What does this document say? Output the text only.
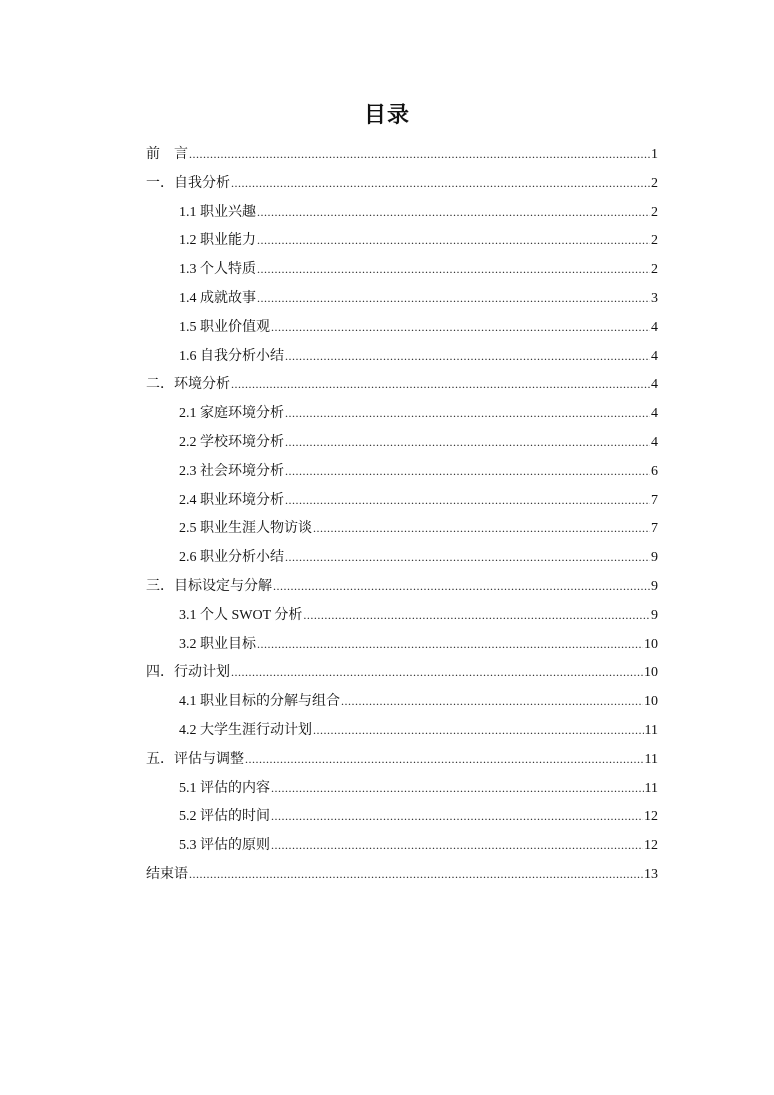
目录
前　言 .....	1
一．自我分析 .....	2
1.1 职业兴趣 .....	2
1.2 职业能力 .....	2
1.3 个人特质 .....	2
1.4 成就故事 .....	3
1.5 职业价值观 .....	4
1.6 自我分析小结 .....	4
二．环境分析 .....	4
2.1 家庭环境分析 .....	4
2.2 学校环境分析 .....	4
2.3 社会环境分析 .....	6
2.4 职业环境分析 .....	7
2.5 职业生涯人物访谈 .....	7
2.6 职业分析小结 .....	9
三．目标设定与分解 .....	9
3.1 个人 SWOT 分析 .....	9
3.2 职业目标 .....	10
四．行动计划 .....	10
4.1 职业目标的分解与组合 .....	10
4.2 大学生涯行动计划 .....	11
五．评估与调整 .....	11
5.1 评估的内容 .....	11
5.2 评估的时间 .....	12
5.3 评估的原则 .....	12
结束语 .....	13
